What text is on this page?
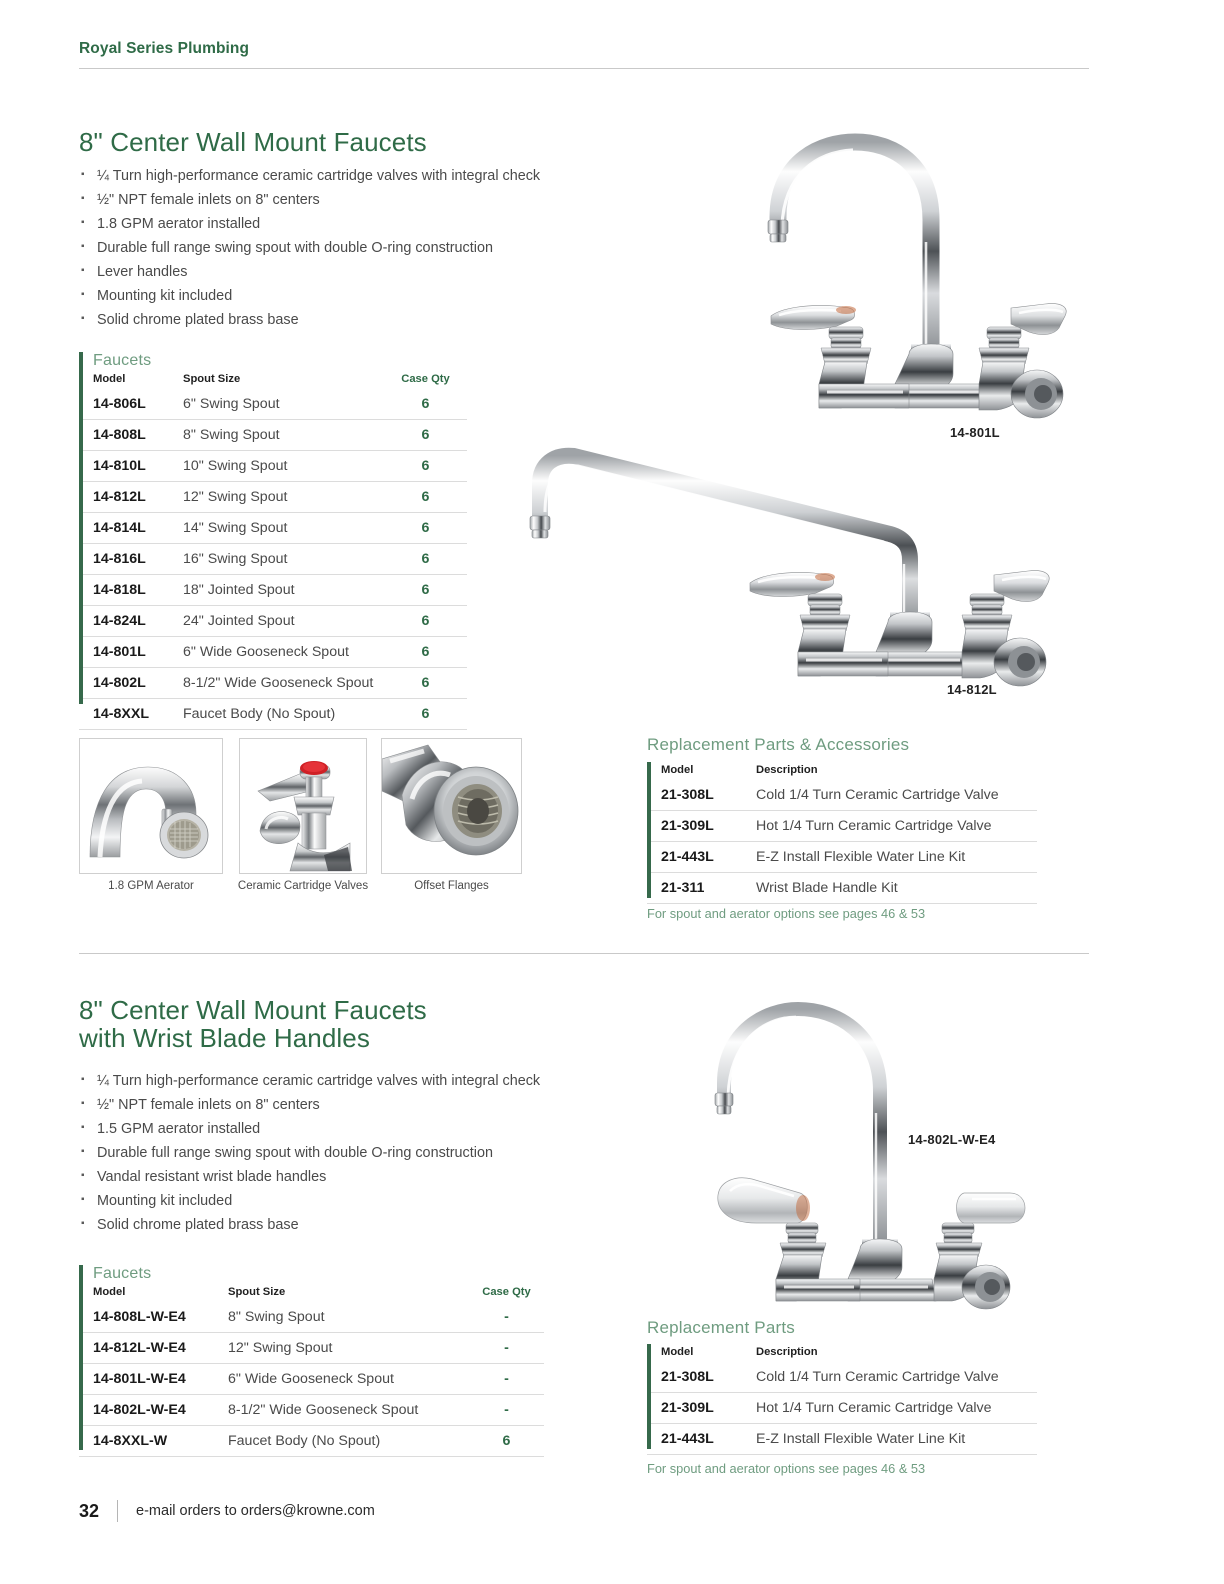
Royal Series Plumbing
8" Center Wall Mount Faucets
▪ ¼ Turn high-performance ceramic cartridge valves with integral check
▪ ½" NPT female inlets on 8" centers
▪ 1.8 GPM aerator installed
▪ Durable full range swing spout with double O-ring construction
▪ Lever handles
▪ Mounting kit included
▪ Solid chrome plated brass base
Faucets
Model	Spout Size	Case Qty
14-806L	6" Swing Spout	6
14-808L	8" Swing Spout	6
14-810L	10" Swing Spout	6
14-812L	12" Swing Spout	6
14-814L	14" Swing Spout	6
14-816L	16" Swing Spout	6
14-818L	18" Jointed Spout	6
14-824L	24" Jointed Spout	6
14-801L	6" Wide Gooseneck Spout	6
14-802L	8-1/2" Wide Gooseneck Spout	6
14-8XXL	Faucet Body (No Spout)	6
14-801L
14-812L
1.8 GPM Aerator	Ceramic Cartridge Valves	Offset Flanges
Replacement Parts & Accessories
Model	Description
21-308L	Cold 1/4 Turn Ceramic Cartridge Valve
21-309L	Hot 1/4 Turn Ceramic Cartridge Valve
21-443L	E-Z Install Flexible Water Line Kit
21-311	Wrist Blade Handle Kit
For spout and aerator options see pages 46 & 53
8" Center Wall Mount Faucets
with Wrist Blade Handles
▪ ¼ Turn high-performance ceramic cartridge valves with integral check
▪ ½" NPT female inlets on 8" centers
▪ 1.5 GPM aerator installed
▪ Durable full range swing spout with double O-ring construction
▪ Vandal resistant wrist blade handles
▪ Mounting kit included
▪ Solid chrome plated brass base
Faucets
Model	Spout Size	Case Qty
14-808L-W-E4	8" Swing Spout	-
14-812L-W-E4	12" Swing Spout	-
14-801L-W-E4	6" Wide Gooseneck Spout	-
14-802L-W-E4	8-1/2" Wide Gooseneck Spout	-
14-8XXL-W	Faucet Body (No Spout)	6
14-802L-W-E4
Replacement Parts
Model	Description
21-308L	Cold 1/4 Turn Ceramic Cartridge Valve
21-309L	Hot 1/4 Turn Ceramic Cartridge Valve
21-443L	E-Z Install Flexible Water Line Kit
For spout and aerator options see pages 46 & 53
32	e-mail orders to orders@krowne.com
